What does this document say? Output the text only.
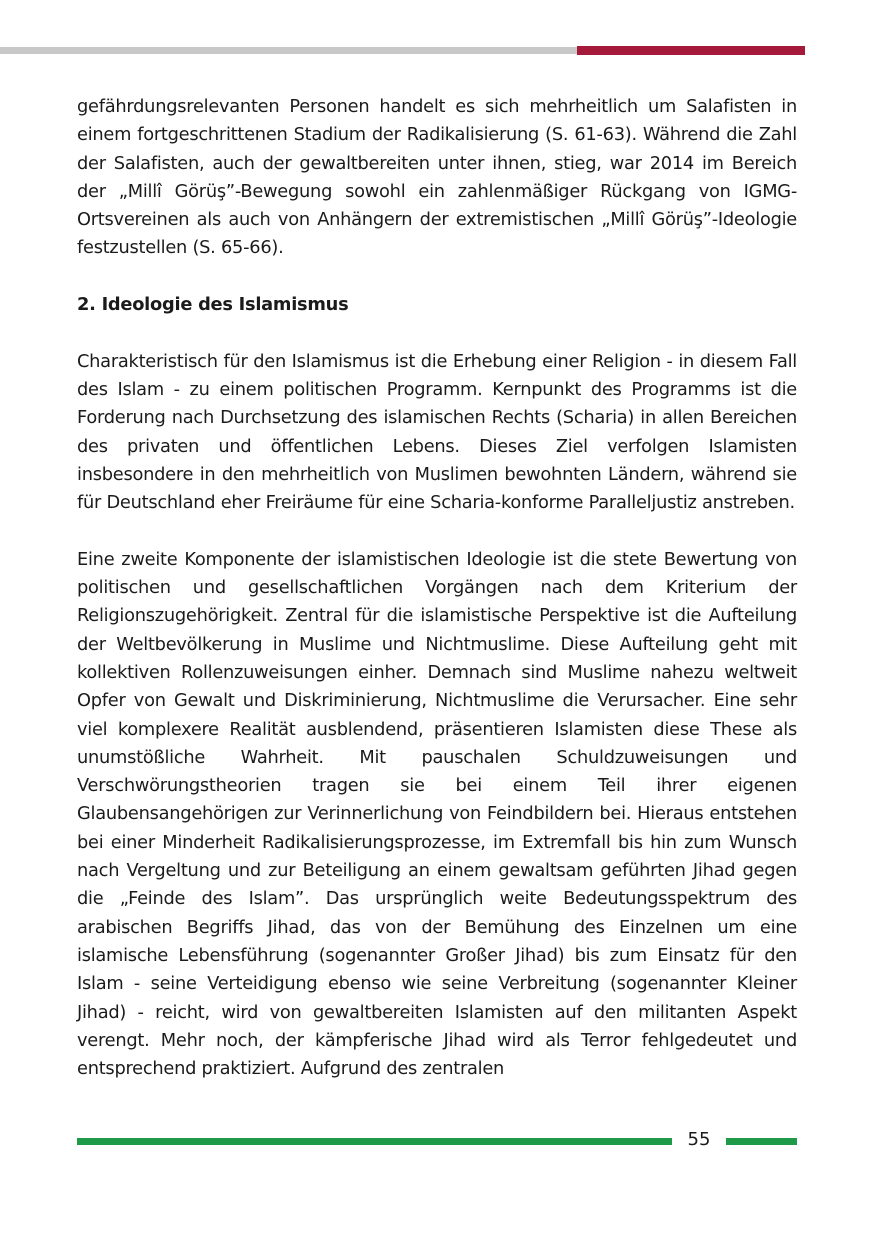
gefährdungsrelevanten Personen handelt es sich mehrheitlich um Salafisten in einem fortgeschrittenen Stadium der Radikalisierung (S. 61-63). Während die Zahl der Salafisten, auch der gewaltbereiten unter ihnen, stieg, war 2014 im Bereich der „Millî Görüş”-Bewegung sowohl ein zahlenmäßiger Rückgang von IGMG-Ortsvereinen als auch von Anhängern der extremistischen „Millî Görüş”-Ideologie festzustellen (S. 65-66).

2. Ideologie des Islamismus

Charakteristisch für den Islamismus ist die Erhebung einer Religion - in diesem Fall des Islam - zu einem politischen Programm. Kernpunkt des Programms ist die Forderung nach Durchsetzung des islamischen Rechts (Scharia) in allen Bereichen des privaten und öffentlichen Lebens. Dieses Ziel verfolgen Islamisten insbesondere in den mehrheitlich von Muslimen bewohnten Ländern, während sie für Deutschland eher Freiräume für eine Scharia-konforme Paralleljustiz anstreben.

Eine zweite Komponente der islamistischen Ideologie ist die stete Bewertung von politischen und gesellschaftlichen Vorgängen nach dem Kriterium der Religionszugehörigkeit. Zentral für die islamistische Perspektive ist die Aufteilung der Weltbevölkerung in Muslime und Nichtmuslime. Diese Aufteilung geht mit kollektiven Rollenzuweisungen einher. Demnach sind Muslime nahezu weltweit Opfer von Gewalt und Diskriminierung, Nichtmuslime die Verursacher. Eine sehr viel komplexere Realität ausblendend, präsentieren Islamisten diese These als unumstößliche Wahrheit. Mit pauschalen Schuldzuweisungen und Verschwörungstheorien tragen sie bei einem Teil ihrer eigenen Glaubensangehörigen zur Verinnerlichung von Feindbildern bei. Hieraus entstehen bei einer Minderheit Radikalisierungsprozesse, im Extremfall bis hin zum Wunsch nach Vergeltung und zur Beteiligung an einem gewaltsam geführten Jihad gegen die „Feinde des Islam”. Das ursprünglich weite Bedeutungsspektrum des arabischen Begriffs Jihad, das von der Bemühung des Einzelnen um eine islamische Lebensführung (sogenannter Großer Jihad) bis zum Einsatz für den Islam - seine Verteidigung ebenso wie seine Verbreitung (sogenannter Kleiner Jihad) - reicht, wird von gewaltbereiten Islamisten auf den militanten Aspekt verengt. Mehr noch, der kämpferische Jihad wird als Terror fehlgedeutet und entsprechend praktiziert. Aufgrund des zentralen

55
